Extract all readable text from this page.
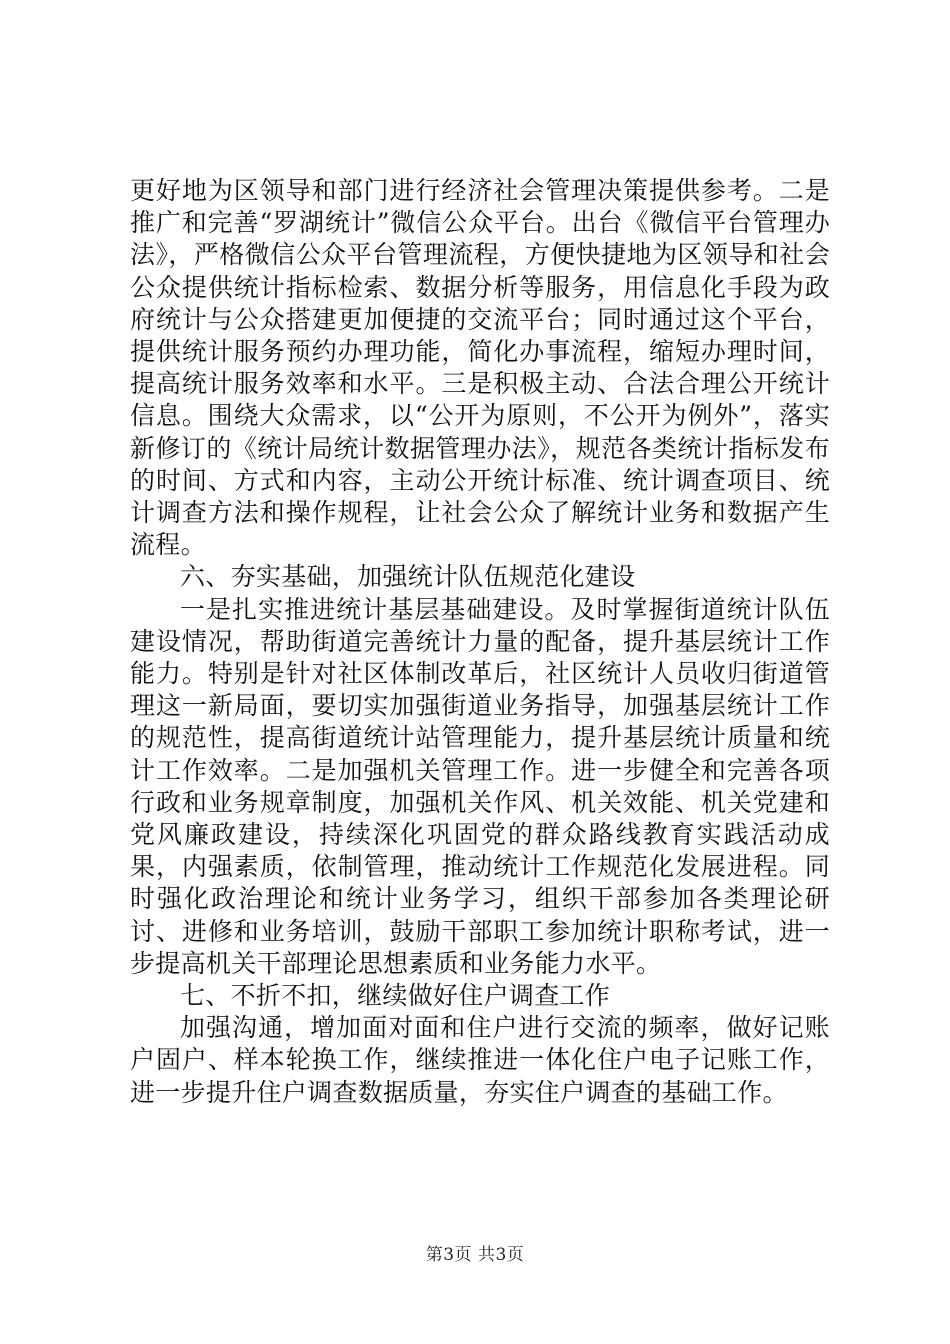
更好地为区领导和部门进行经济社会管理决策提供参考。二是推广和完善“罗湖统计”微信公众平台。出台《微信平台管理办法》，严格微信公众平台管理流程，方便快捷地为区领导和社会公众提供统计指标检索、数据分析等服务，用信息化手段为政府统计与公众搭建更加便捷的交流平台；同时通过这个平台，提供统计服务预约办理功能，简化办事流程，缩短办理时间，提高统计服务效率和水平。三是积极主动、合法合理公开统计信息。围绕大众需求，以“公开为原则，不公开为例外”，落实新修订的《统计局统计数据管理办法》，规范各类统计指标发布的时间、方式和内容，主动公开统计标准、统计调查项目、统计调查方法和操作规程，让社会公众了解统计业务和数据产生流程。

六、夯实基础，加强统计队伍规范化建设

一是扎实推进统计基层基础建设。及时掌握街道统计队伍建设情况，帮助街道完善统计力量的配备，提升基层统计工作能力。特别是针对社区体制改革后，社区统计人员收归街道管理这一新局面，要切实加强街道业务指导，加强基层统计工作的规范性，提高街道统计站管理能力，提升基层统计质量和统计工作效率。二是加强机关管理工作。进一步健全和完善各项行政和业务规章制度，加强机关作风、机关效能、机关党建和党风廉政建设，持续深化巩固党的群众路线教育实践活动成果，内强素质，依制管理，推动统计工作规范化发展进程。同时强化政治理论和统计业务学习，组织干部参加各类理论研讨、进修和业务培训，鼓励干部职工参加统计职称考试，进一步提高机关干部理论思想素质和业务能力水平。

七、不折不扣，继续做好住户调查工作

加强沟通，增加面对面和住户进行交流的频率，做好记账户固户、样本轮换工作，继续推进一体化住户电子记账工作，进一步提升住户调查数据质量，夯实住户调查的基础工作。

第3页 共3页
